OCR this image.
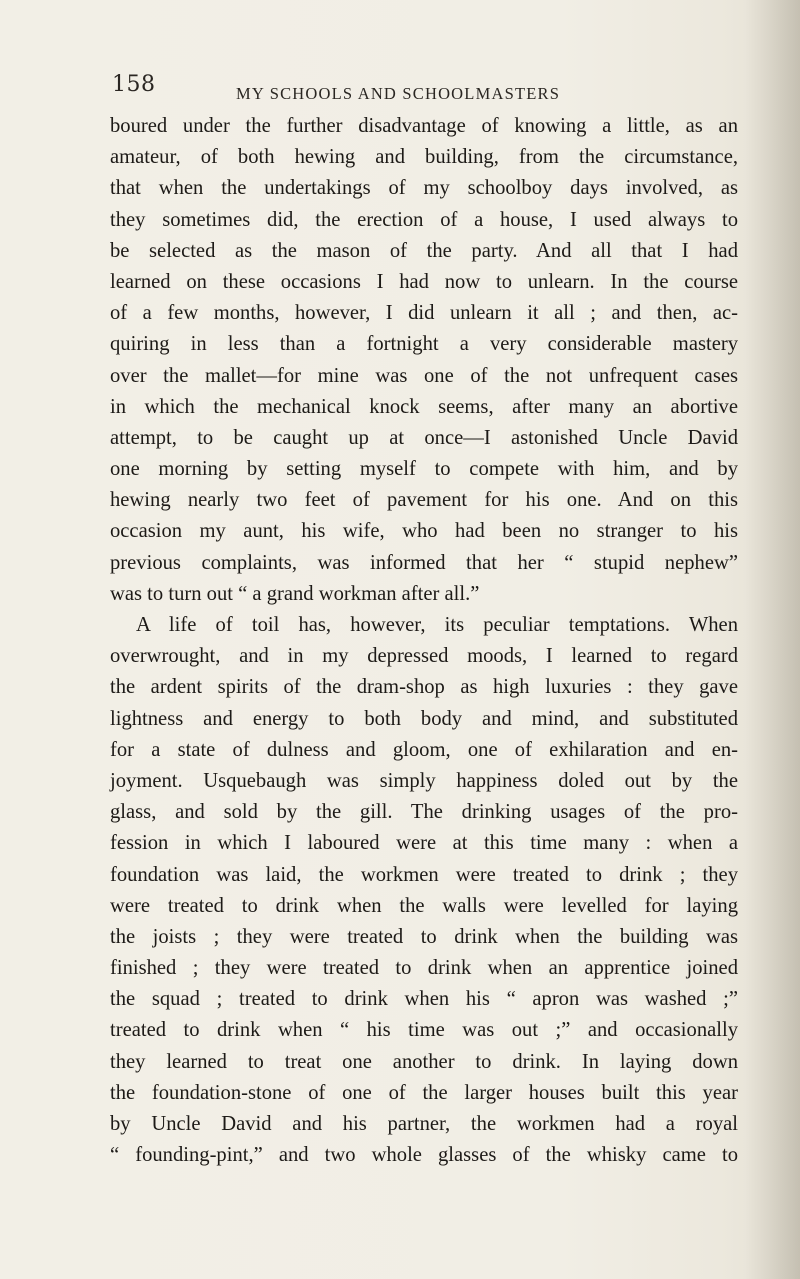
158	MY SCHOOLS AND SCHOOLMASTERS
boured under the further disadvantage of knowing a little, as an
amateur, of both hewing and building, from the circumstance,
that when the undertakings of my schoolboy days involved, as
they sometimes did, the erection of a house, I used always to
be selected as the mason of the party. And all that I had
learned on these occasions I had now to unlearn. In the course
of a few months, however, I did unlearn it all ; and then, ac-
quiring in less than a fortnight a very considerable mastery
over the mallet—for mine was one of the not unfrequent cases
in which the mechanical knock seems, after many an abortive
attempt, to be caught up at once—I astonished Uncle David
one morning by setting myself to compete with him, and by
hewing nearly two feet of pavement for his one. And on this
occasion my aunt, his wife, who had been no stranger to his
previous complaints, was informed that her “ stupid nephew”
was to turn out “ a grand workman after all.”
A life of toil has, however, its peculiar temptations. When
overwrought, and in my depressed moods, I learned to regard
the ardent spirits of the dram-shop as high luxuries : they gave
lightness and energy to both body and mind, and substituted
for a state of dulness and gloom, one of exhilaration and en-
joyment. Usquebaugh was simply happiness doled out by the
glass, and sold by the gill. The drinking usages of the pro-
fession in which I laboured were at this time many : when a
foundation was laid, the workmen were treated to drink ; they
were treated to drink when the walls were levelled for laying
the joists ; they were treated to drink when the building was
finished ; they were treated to drink when an apprentice joined
the squad ; treated to drink when his “ apron was washed ;”
treated to drink when “ his time was out ;” and occasionally
they learned to treat one another to drink. In laying down
the foundation-stone of one of the larger houses built this year
by Uncle David and his partner, the workmen had a royal
“ founding-pint,” and two whole glasses of the whisky came to
